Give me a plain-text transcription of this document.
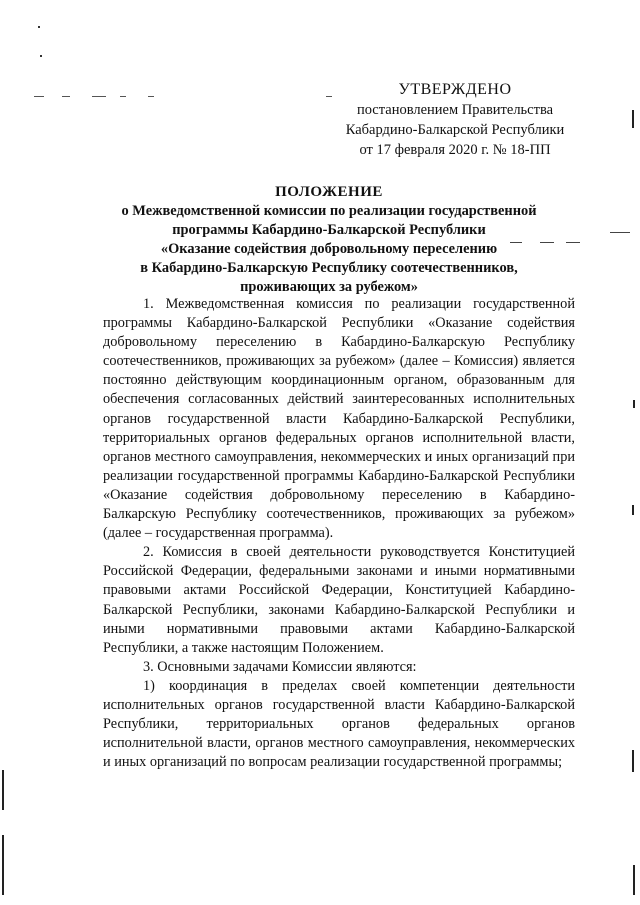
УТВЕРЖДЕНО
постановлением Правительства
Кабардино-Балкарской Республики
от 17 февраля 2020 г. № 18-ПП
ПОЛОЖЕНИЕ
о Межведомственной комиссии по реализации государственной
программы Кабардино-Балкарской Республики
«Оказание содействия добровольному переселению
в Кабардино-Балкарскую Республику соотечественников,
проживающих за рубежом»

1. Межведомственная комиссия по реализации государственной программы Кабардино-Балкарской Республики «Оказание содействия добровольному переселению в Кабардино-Балкарскую Республику соотечественников, проживающих за рубежом» (далее – Комиссия) является постоянно действующим координационным органом, образованным для обеспечения согласованных действий заинтересованных исполнительных органов государственной власти Кабардино-Балкарской Республики, территориальных органов федеральных органов исполнительной власти, органов местного самоуправления, некоммерческих и иных организаций при реализации государственной программы Кабардино-Балкарской Республики «Оказание содействия добровольному переселению в Кабардино-Балкарскую Республику соотечественников, проживающих за рубежом» (далее – государственная программа).

2. Комиссия в своей деятельности руководствуется Конституцией Российской Федерации, федеральными законами и иными нормативными правовыми актами Российской Федерации, Конституцией Кабардино-Балкарской Республики, законами Кабардино-Балкарской Республики и иными нормативными правовыми актами Кабардино-Балкарской Республики, а также настоящим Положением.

3. Основными задачами Комиссии являются:

1) координация в пределах своей компетенции деятельности исполнительных органов государственной власти Кабардино-Балкарской Республики, территориальных органов федеральных органов исполнительной власти, органов местного самоуправления, некоммерческих и иных организаций по вопросам реализации государственной программы;
